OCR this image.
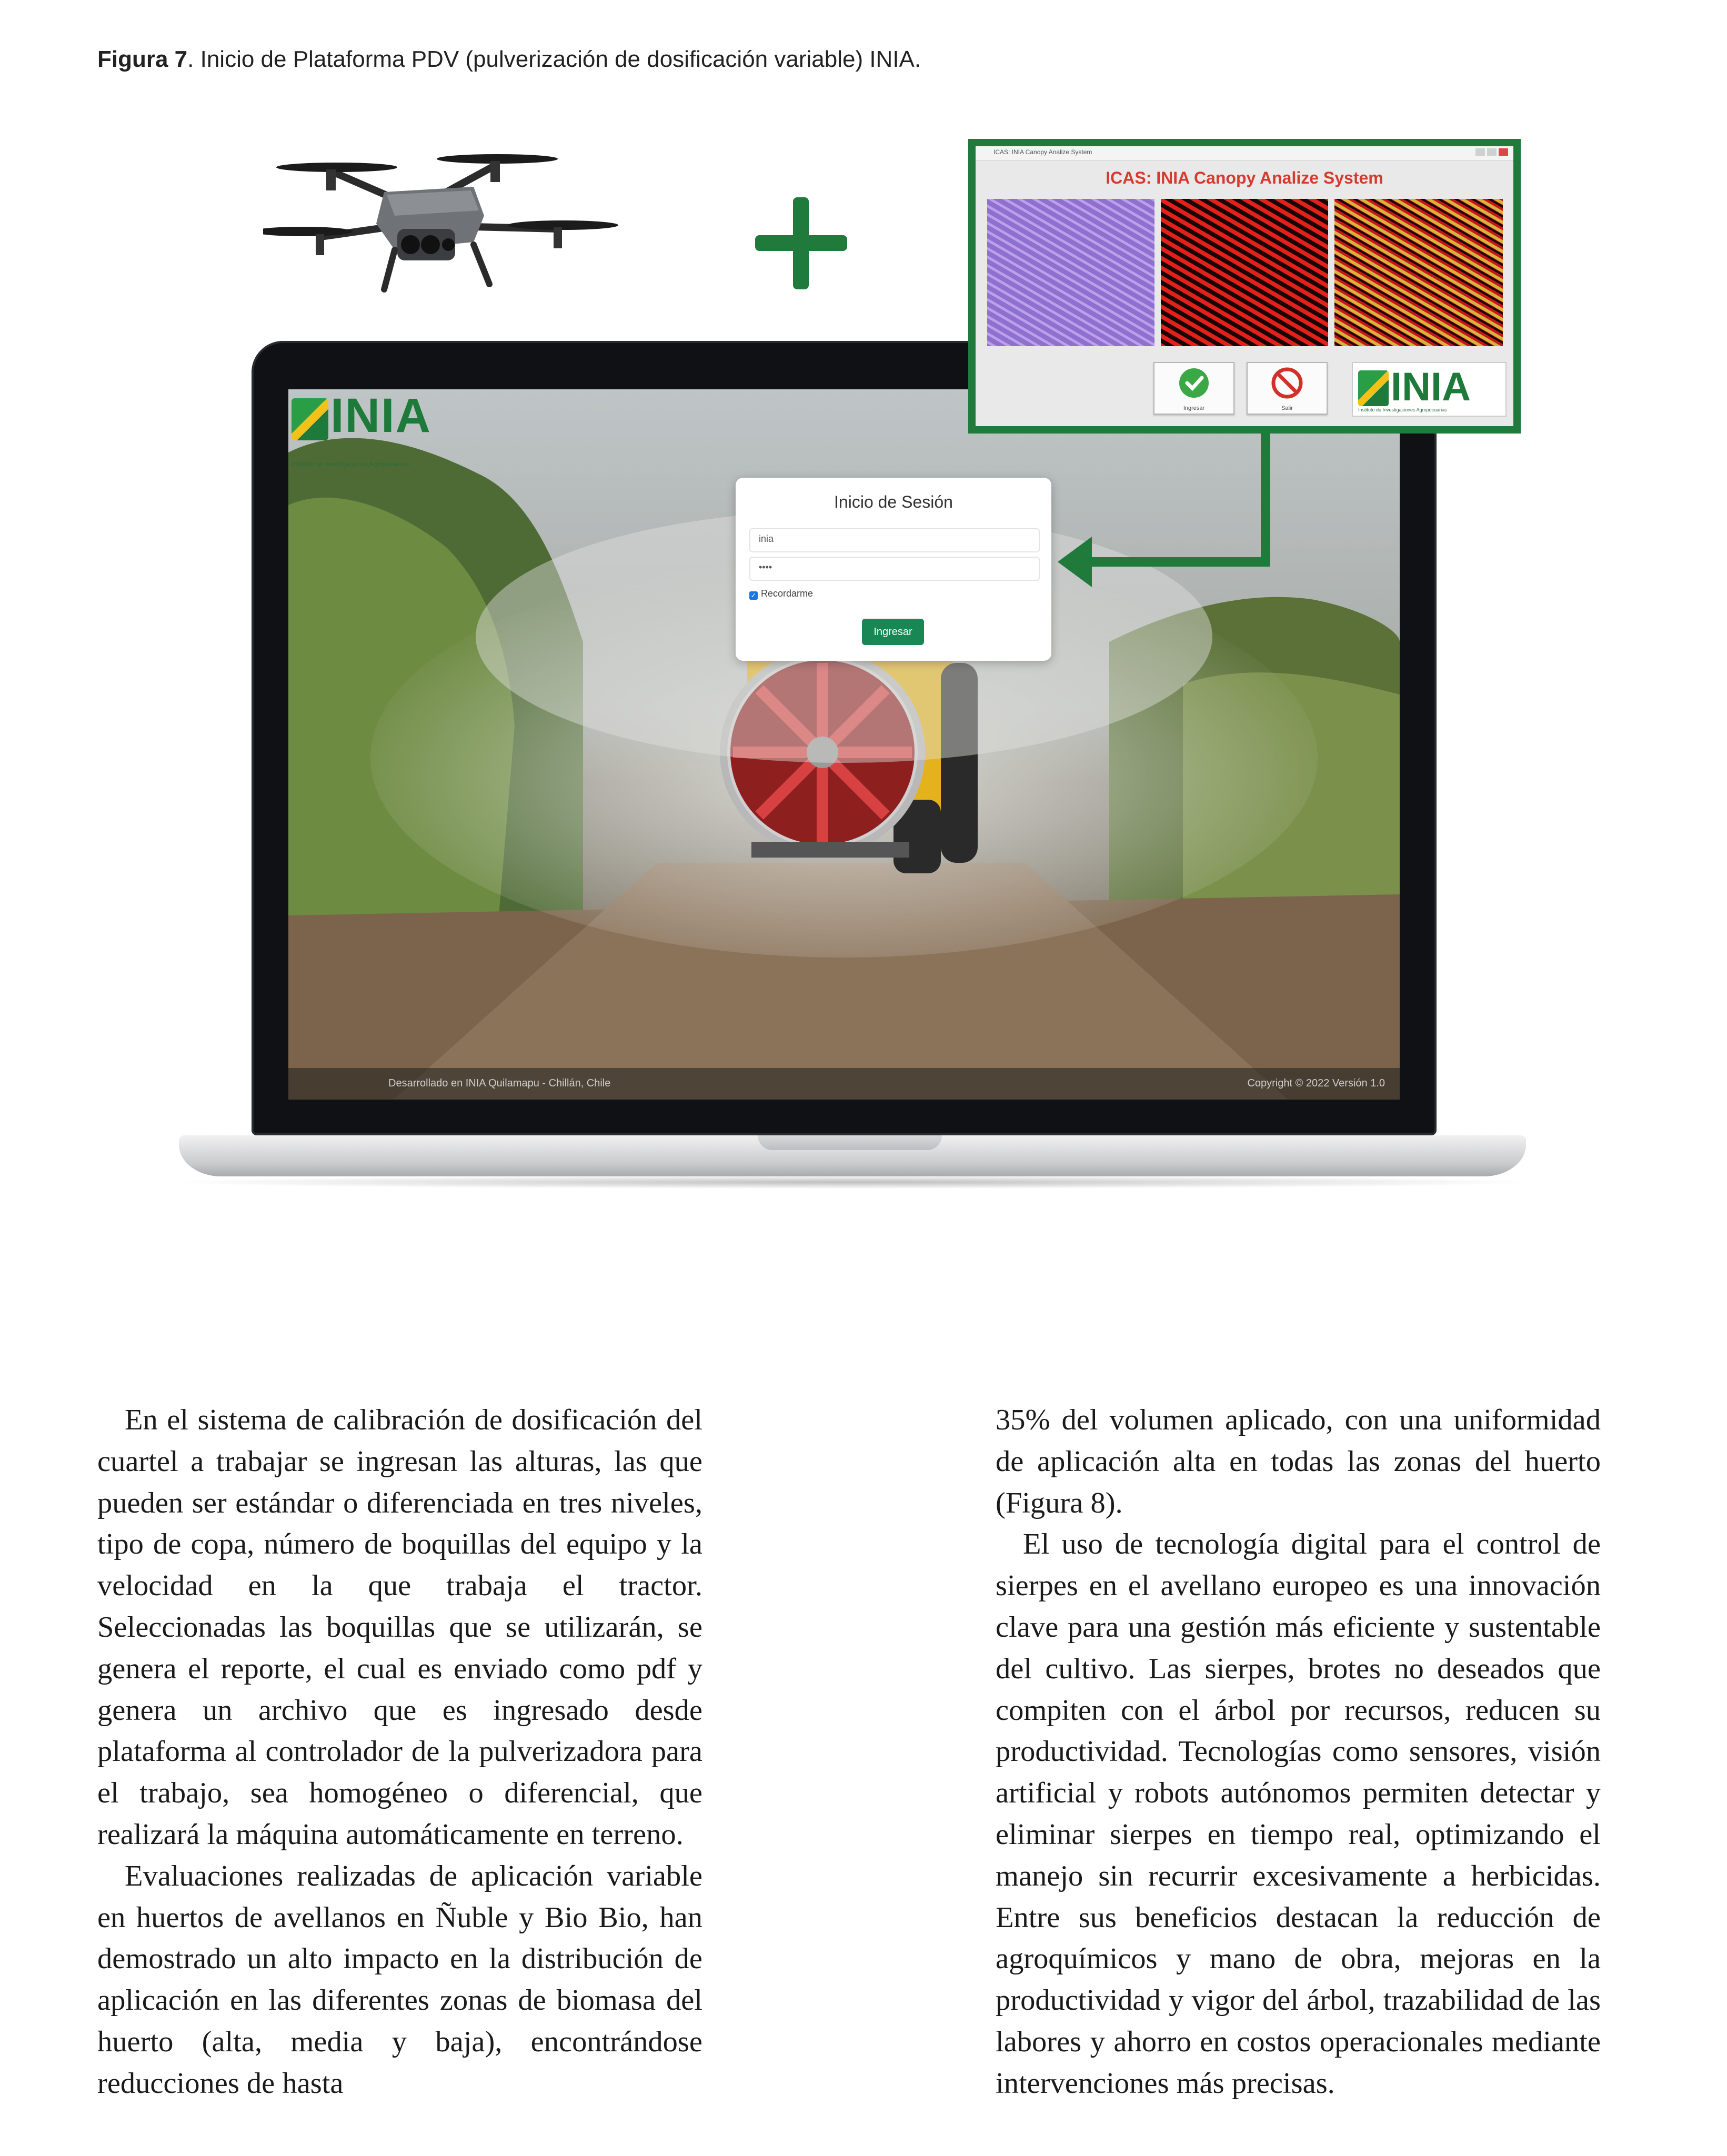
Figura 7. Inicio de Plataforma PDV (pulverización de dosificación variable) INIA.
INIA
Instituto de Investigaciones Agropecuarias
Inicio de Sesión
inia
••••
✓ Recordarme
Ingresar
Desarrollado en INIA Quilamapu - Chillán, Chile	Copyright © 2022 Versión 1.0
ICAS: INIA Canopy Analize System
ICAS: INIA Canopy Analize System
Ingresar	Salir	INIA
Instituto de Investigaciones Agropecuarias

En el sistema de calibración de dosificación del cuartel a trabajar se ingresan las alturas, las que pueden ser estándar o diferenciada en tres niveles, tipo de copa, número de boquillas del equipo y la velocidad en la que trabaja el tractor. Seleccionadas las boquillas que se utilizarán, se genera el reporte, el cual es enviado como pdf y genera un archivo que es ingresado desde plataforma al controlador de la pulverizadora para el trabajo, sea homogéneo o diferencial, que realizará la máquina automáticamente en terreno.

Evaluaciones realizadas de aplicación variable en huertos de avellanos en Ñuble y Bio Bio, han demostrado un alto impacto en la distribución de aplicación en las diferentes zonas de biomasa del huerto (alta, media y baja), encontrándose reducciones de hasta

35% del volumen aplicado, con una uniformidad de aplicación alta en todas las zonas del huerto (Figura 8).

El uso de tecnología digital para el control de sierpes en el avellano europeo es una innovación clave para una gestión más eficiente y sustentable del cultivo. Las sierpes, brotes no deseados que compiten con el árbol por recursos, reducen su productividad. Tecnologías como sensores, visión artificial y robots autónomos permiten detectar y eliminar sierpes en tiempo real, optimizando el manejo sin recurrir excesivamente a herbicidas. Entre sus beneficios destacan la reducción de agroquímicos y mano de obra, mejoras en la productividad y vigor del árbol, trazabilidad de las labores y ahorro en costos operacionales mediante intervenciones más precisas.
